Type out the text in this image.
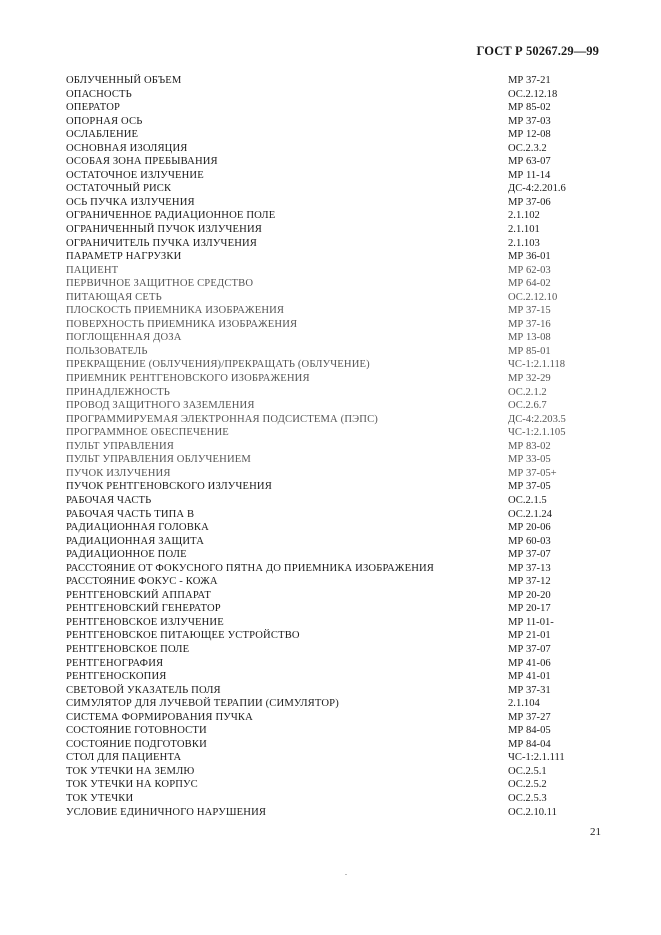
ГОСТ Р 50267.29—99
ОБЛУЧЕННЫЙ ОБЪЕМ	МР 37-21
ОПАСНОСТЬ	ОС.2.12.18
ОПЕРАТОР	МР 85-02
ОПОРНАЯ ОСЬ	МР 37-03
ОСЛАБЛЕНИЕ	МР 12-08
ОСНОВНАЯ ИЗОЛЯЦИЯ	ОС.2.3.2
ОСОБАЯ ЗОНА ПРЕБЫВАНИЯ	МР 63-07
ОСТАТОЧНОЕ ИЗЛУЧЕНИЕ	МР 11-14
ОСТАТОЧНЫЙ РИСК	ДС-4:2.201.6
ОСЬ ПУЧКА ИЗЛУЧЕНИЯ	МР 37-06
ОГРАНИЧЕННОЕ РАДИАЦИОННОЕ ПОЛЕ	2.1.102
ОГРАНИЧЕННЫЙ ПУЧОК ИЗЛУЧЕНИЯ	2.1.101
ОГРАНИЧИТЕЛЬ ПУЧКА ИЗЛУЧЕНИЯ	2.1.103
ПАРАМЕТР НАГРУЗКИ	МР 36-01
ПАЦИЕНТ	МР 62-03
ПЕРВИЧНОЕ ЗАЩИТНОЕ СРЕДСТВО	МР 64-02
ПИТАЮЩАЯ СЕТЬ	ОС.2.12.10
ПЛОСКОСТЬ ПРИЕМНИКА ИЗОБРАЖЕНИЯ	МР 37-15
ПОВЕРХНОСТЬ ПРИЕМНИКА ИЗОБРАЖЕНИЯ	МР 37-16
ПОГЛОЩЕННАЯ ДОЗА	МР 13-08
ПОЛЬЗОВАТЕЛЬ	МР 85-01
ПРЕКРАЩЕНИЕ (ОБЛУЧЕНИЯ)/ПРЕКРАЩАТЬ (ОБЛУЧЕНИЕ)	ЧС-1:2.1.118
ПРИЕМНИК РЕНТГЕНОВСКОГО ИЗОБРАЖЕНИЯ	МР 32-29
ПРИНАДЛЕЖНОСТЬ	ОС.2.1.2
ПРОВОД ЗАЩИТНОГО ЗАЗЕМЛЕНИЯ	ОС.2.6.7
ПРОГРАММИРУЕМАЯ ЭЛЕКТРОННАЯ ПОДСИСТЕМА (ПЭПС)	ДС-4:2.203.5
ПРОГРАММНОЕ ОБЕСПЕЧЕНИЕ	ЧС-1:2.1.105
ПУЛЬТ УПРАВЛЕНИЯ	МР 83-02
ПУЛЬТ УПРАВЛЕНИЯ ОБЛУЧЕНИЕМ	МР 33-05
ПУЧОК ИЗЛУЧЕНИЯ	МР 37-05+
ПУЧОК РЕНТГЕНОВСКОГО ИЗЛУЧЕНИЯ	МР 37-05
РАБОЧАЯ ЧАСТЬ	ОС.2.1.5
РАБОЧАЯ ЧАСТЬ ТИПА В	ОС.2.1.24
РАДИАЦИОННАЯ ГОЛОВКА	МР 20-06
РАДИАЦИОННАЯ ЗАЩИТА	МР 60-03
РАДИАЦИОННОЕ ПОЛЕ	МР 37-07
РАССТОЯНИЕ ОТ ФОКУСНОГО ПЯТНА ДО ПРИЕМНИКА ИЗОБРАЖЕНИЯ	МР 37-13
РАССТОЯНИЕ ФОКУС - КОЖА	МР 37-12
РЕНТГЕНОВСКИЙ АППАРАТ	МР 20-20
РЕНТГЕНОВСКИЙ ГЕНЕРАТОР	МР 20-17
РЕНТГЕНОВСКОЕ ИЗЛУЧЕНИЕ	МР 11-01-
РЕНТГЕНОВСКОЕ ПИТАЮЩЕЕ УСТРОЙСТВО	МР 21-01
РЕНТГЕНОВСКОЕ ПОЛЕ	МР 37-07
РЕНТГЕНОГРАФИЯ	МР 41-06
РЕНТГЕНОСКОПИЯ	МР 41-01
СВЕТОВОЙ УКАЗАТЕЛЬ ПОЛЯ	МР 37-31
СИМУЛЯТОР ДЛЯ ЛУЧЕВОЙ ТЕРАПИИ (СИМУЛЯТОР)	2.1.104
СИСТЕМА ФОРМИРОВАНИЯ ПУЧКА	МР 37-27
СОСТОЯНИЕ ГОТОВНОСТИ	МР 84-05
СОСТОЯНИЕ ПОДГОТОВКИ	МР 84-04
СТОЛ ДЛЯ ПАЦИЕНТА	ЧС-1:2.1.111
ТОК УТЕЧКИ НА ЗЕМЛЮ	ОС.2.5.1
ТОК УТЕЧКИ НА КОРПУС	ОС.2.5.2
ТОК УТЕЧКИ	ОС.2.5.3
УСЛОВИЕ ЕДИНИЧНОГО НАРУШЕНИЯ	ОС.2.10.11
21
